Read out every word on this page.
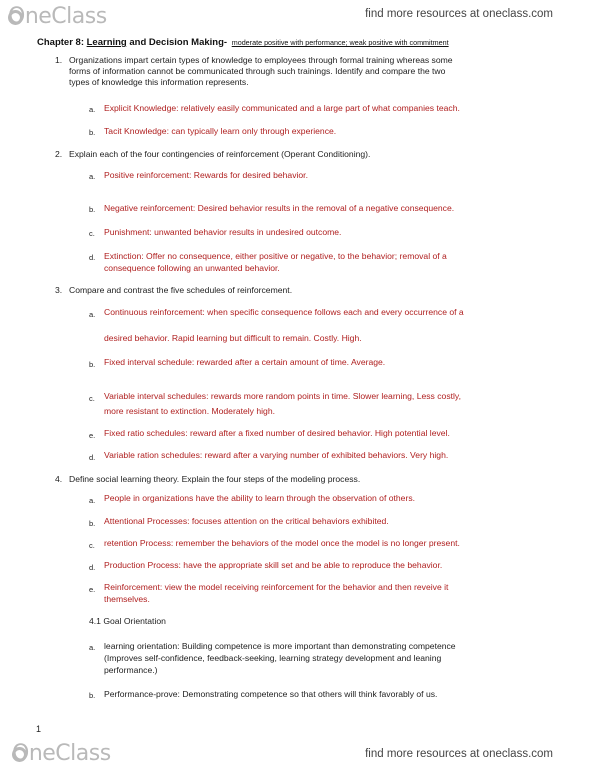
OneClass	find more resources at oneclass.com
Chapter 8: Learning and Decision Making- moderate positive with performance; weak positive with commitment
1. Organizations impart certain types of knowledge to employees through formal training whereas some
forms of information cannot be communicated through such trainings. Identify and compare the two
types of knowledge this information represents.
a. Explicit Knowledge: relatively easily communicated and a large part of what companies teach.
b. Tacit Knowledge: can typically learn only through experience.
2. Explain each of the four contingencies of reinforcement (Operant Conditioning).
a. Positive reinforcement: Rewards for desired behavior.
b. Negative reinforcement: Desired behavior results in the removal of a negative consequence.
c. Punishment: unwanted behavior results in undesired outcome.
d. Extinction: Offer no consequence, either positive or negative, to the behavior; removal of a
consequence following an unwanted behavior.
3. Compare and contrast the five schedules of reinforcement.
a. Continuous reinforcement: when specific consequence follows each and every occurrence of a
desired behavior. Rapid learning but difficult to remain. Costly. High.
b. Fixed interval schedule: rewarded after a certain amount of time. Average.
c. Variable interval schedules: rewards more random points in time. Slower learning, Less costly,
more resistant to extinction. Moderately high.
e. Fixed ratio schedules: reward after a fixed number of desired behavior. High potential level.
d. Variable ration schedules: reward after a varying number of exhibited behaviors. Very high.
4. Define social learning theory. Explain the four steps of the modeling process.
a. People in organizations have the ability to learn through the observation of others.
b. Attentional Processes: focuses attention on the critical behaviors exhibited.
c. retention Process: remember the behaviors of the model once the model is no longer present.
d. Production Process: have the appropriate skill set and be able to reproduce the behavior.
e. Reinforcement: view the model receiving reinforcement for the behavior and then reveive it
themselves.
4.1 Goal Orientation
a. learning orientation: Building competence is more important than demonstrating competence
(Improves self-confidence, feedback-seeking, learning strategy development and leaning
performance.)
b. Performance-prove: Demonstrating competence so that others will think favorably of us.
1
OneClass	find more resources at oneclass.com
